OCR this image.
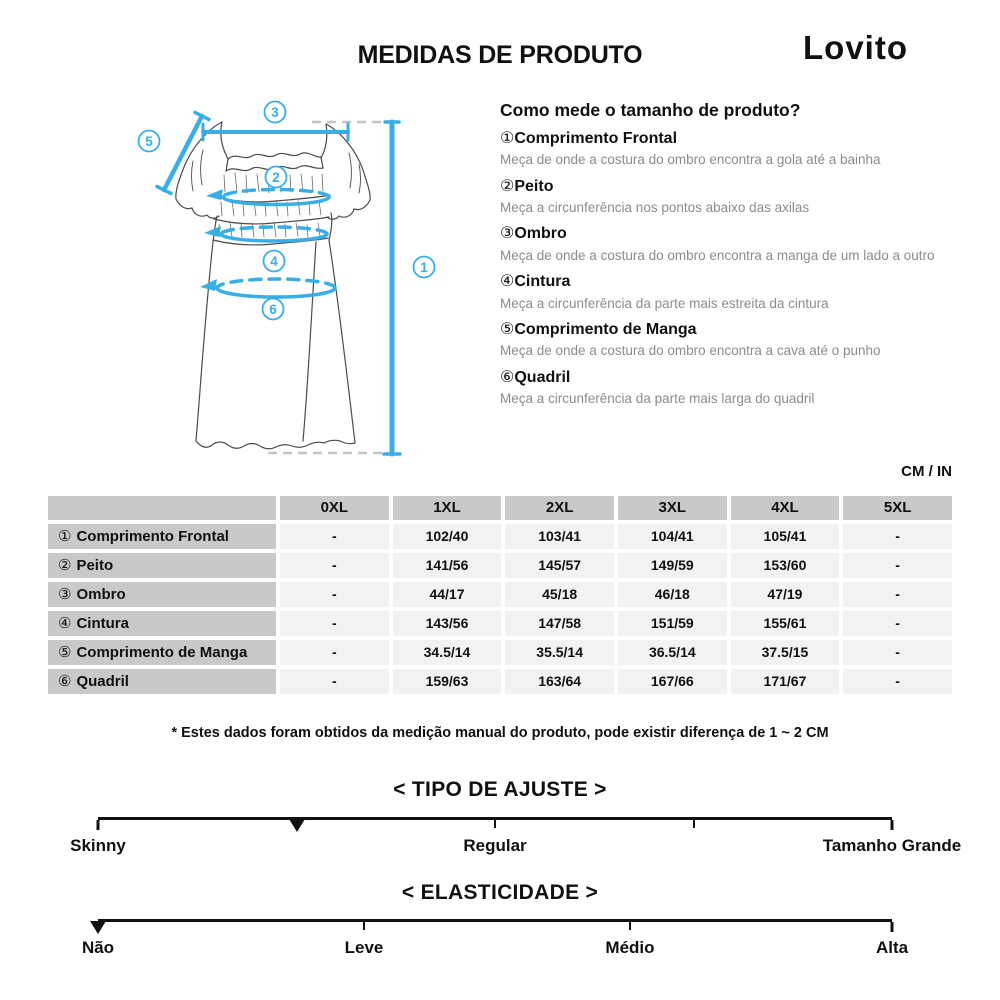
MEDIDAS DE PRODUTO	Lovito
1
2
3
4
5
6
Como mede o tamanho de produto?
①Comprimento Frontal
Meça de onde a costura do ombro encontra a gola até a bainha
②Peito
Meça a circunferência nos pontos abaixo das axilas
③Ombro
Meça de onde a costura do ombro encontra a manga de um lado a outro
④Cintura
Meça a circunferência da parte mais estreita da cintura
⑤Comprimento de Manga
Meça de onde a costura do ombro encontra a cava até o punho
⑥Quadril
Meça a circunferência da parte mais larga do quadril
CM / IN
	0XL	1XL	2XL	3XL	4XL	5XL
① Comprimento Frontal	-	102/40	103/41	104/41	105/41	-
② Peito	-	141/56	145/57	149/59	153/60	-
③ Ombro	-	44/17	45/18	46/18	47/19	-
④ Cintura	-	143/56	147/58	151/59	155/61	-
⑤ Comprimento de Manga	-	34.5/14	35.5/14	36.5/14	37.5/15	-
⑥ Quadril	-	159/63	163/64	167/66	171/67	-
* Estes dados foram obtidos da medição manual do produto, pode existir diferença de 1 ~ 2 CM
< TIPO DE AJUSTE >
Skinny	Regular	Tamanho Grande
< ELASTICIDADE >
Não	Leve	Médio	Alta
